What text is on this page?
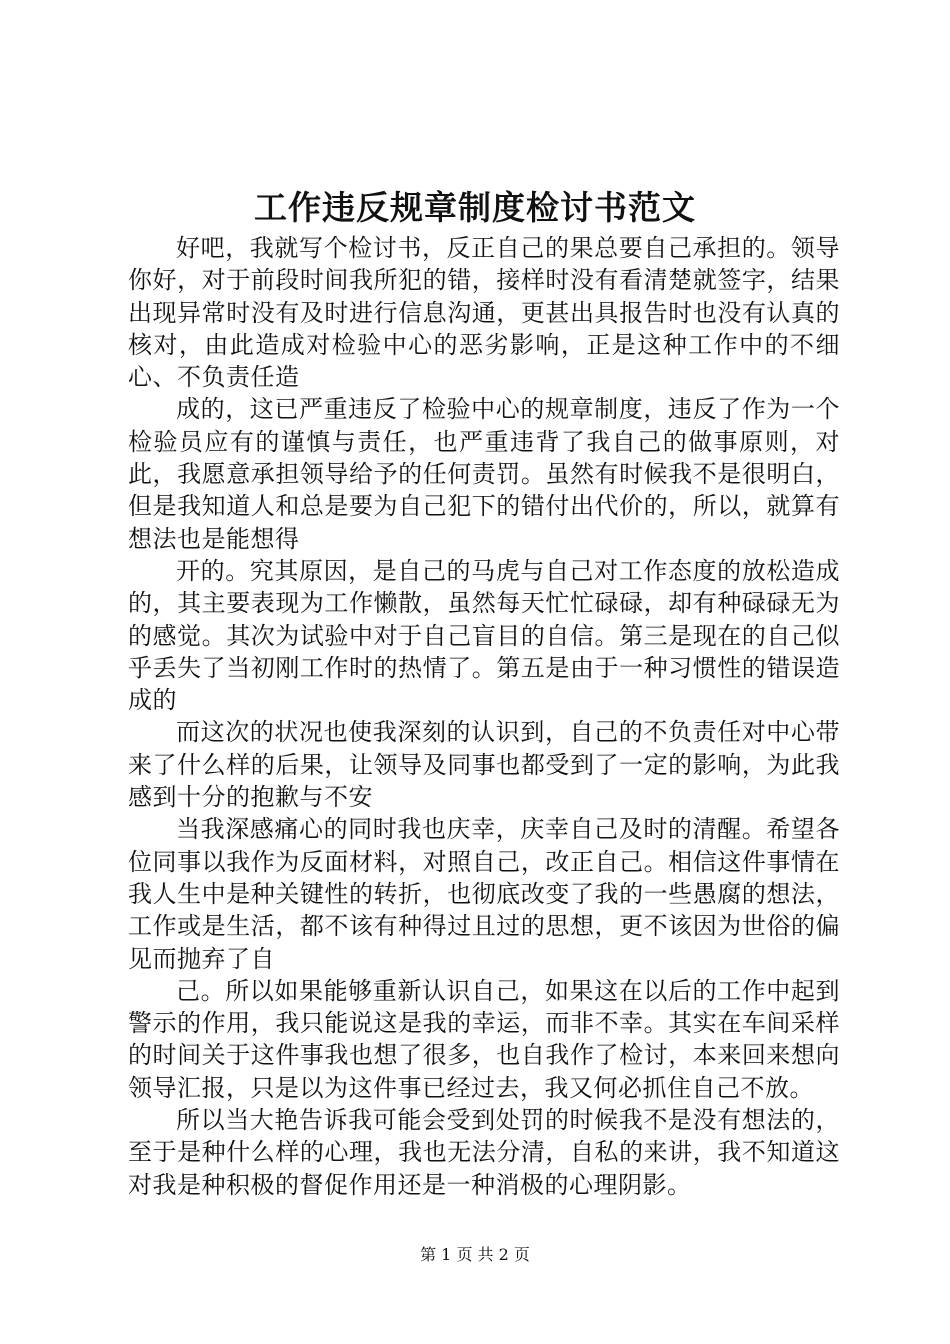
工作违反规章制度检讨书范文

好吧，我就写个检讨书，反正自己的果总要自己承担的。领导你好，对于前段时间我所犯的错，接样时没有看清楚就签字，结果出现异常时没有及时进行信息沟通，更甚出具报告时也没有认真的核对，由此造成对检验中心的恶劣影响，正是这种工作中的不细心、不负责任造

成的，这已严重违反了检验中心的规章制度，违反了作为一个检验员应有的谨慎与责任，也严重违背了我自己的做事原则，对此，我愿意承担领导给予的任何责罚。虽然有时候我不是很明白，但是我知道人和总是要为自己犯下的错付出代价的，所以，就算有想法也是能想得

开的。究其原因，是自己的马虎与自己对工作态度的放松造成的，其主要表现为工作懒散，虽然每天忙忙碌碌，却有种碌碌无为的感觉。其次为试验中对于自己盲目的自信。第三是现在的自己似乎丢失了当初刚工作时的热情了。第五是由于一种习惯性的错误造成的

而这次的状况也使我深刻的认识到，自己的不负责任对中心带来了什么样的后果，让领导及同事也都受到了一定的影响，为此我感到十分的抱歉与不安

当我深感痛心的同时我也庆幸，庆幸自己及时的清醒。希望各位同事以我作为反面材料，对照自己，改正自己。相信这件事情在我人生中是种关键性的转折，也彻底改变了我的一些愚腐的想法，工作或是生活，都不该有种得过且过的思想，更不该因为世俗的偏见而抛弃了自

己。所以如果能够重新认识自己，如果这在以后的工作中起到警示的作用，我只能说这是我的幸运，而非不幸。其实在车间采样的时间关于这件事我也想了很多，也自我作了检讨，本来回来想向领导汇报，只是以为这件事已经过去，我又何必抓住自己不放。

所以当大艳告诉我可能会受到处罚的时候我不是没有想法的，至于是种什么样的心理，我也无法分清，自私的来讲，我不知道这对我是种积极的督促作用还是一种消极的心理阴影。

第 1 页 共 2 页
